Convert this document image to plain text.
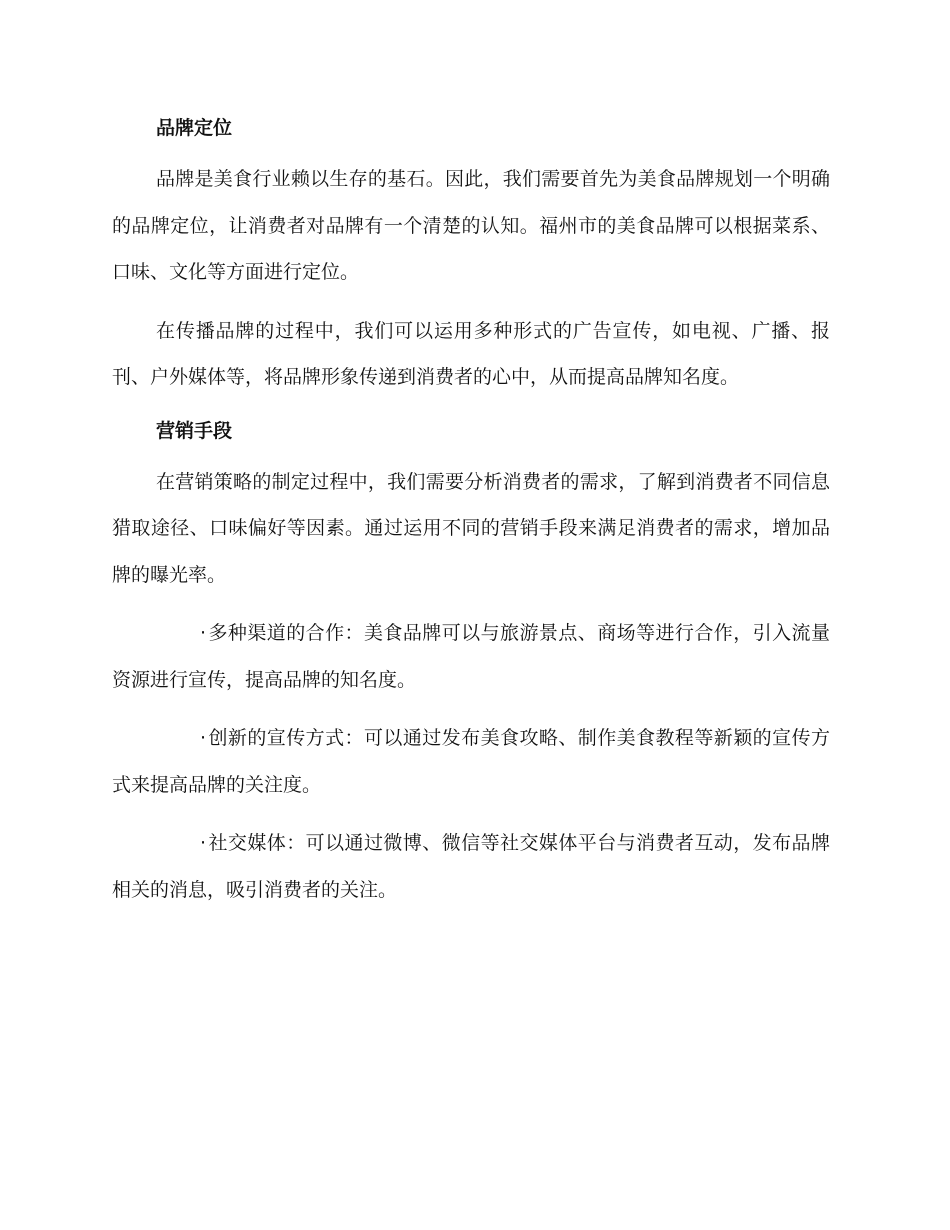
品牌定位

品牌是美食行业赖以生存的基石。因此，我们需要首先为美食品牌规划一个明确的品牌定位，让消费者对品牌有一个清楚的认知。福州市的美食品牌可以根据菜系、口味、文化等方面进行定位。

在传播品牌的过程中，我们可以运用多种形式的广告宣传，如电视、广播、报刊、户外媒体等，将品牌形象传递到消费者的心中，从而提高品牌知名度。

营销手段

在营销策略的制定过程中，我们需要分析消费者的需求，了解到消费者不同信息猎取途径、口味偏好等因素。通过运用不同的营销手段来满足消费者的需求，增加品牌的曝光率。

· 多种渠道的合作：美食品牌可以与旅游景点、商场等进行合作，引入流量资源进行宣传，提高品牌的知名度。

· 创新的宣传方式：可以通过发布美食攻略、制作美食教程等新颖的宣传方式来提高品牌的关注度。

· 社交媒体：可以通过微博、微信等社交媒体平台与消费者互动，发布品牌相关的消息，吸引消费者的关注。
